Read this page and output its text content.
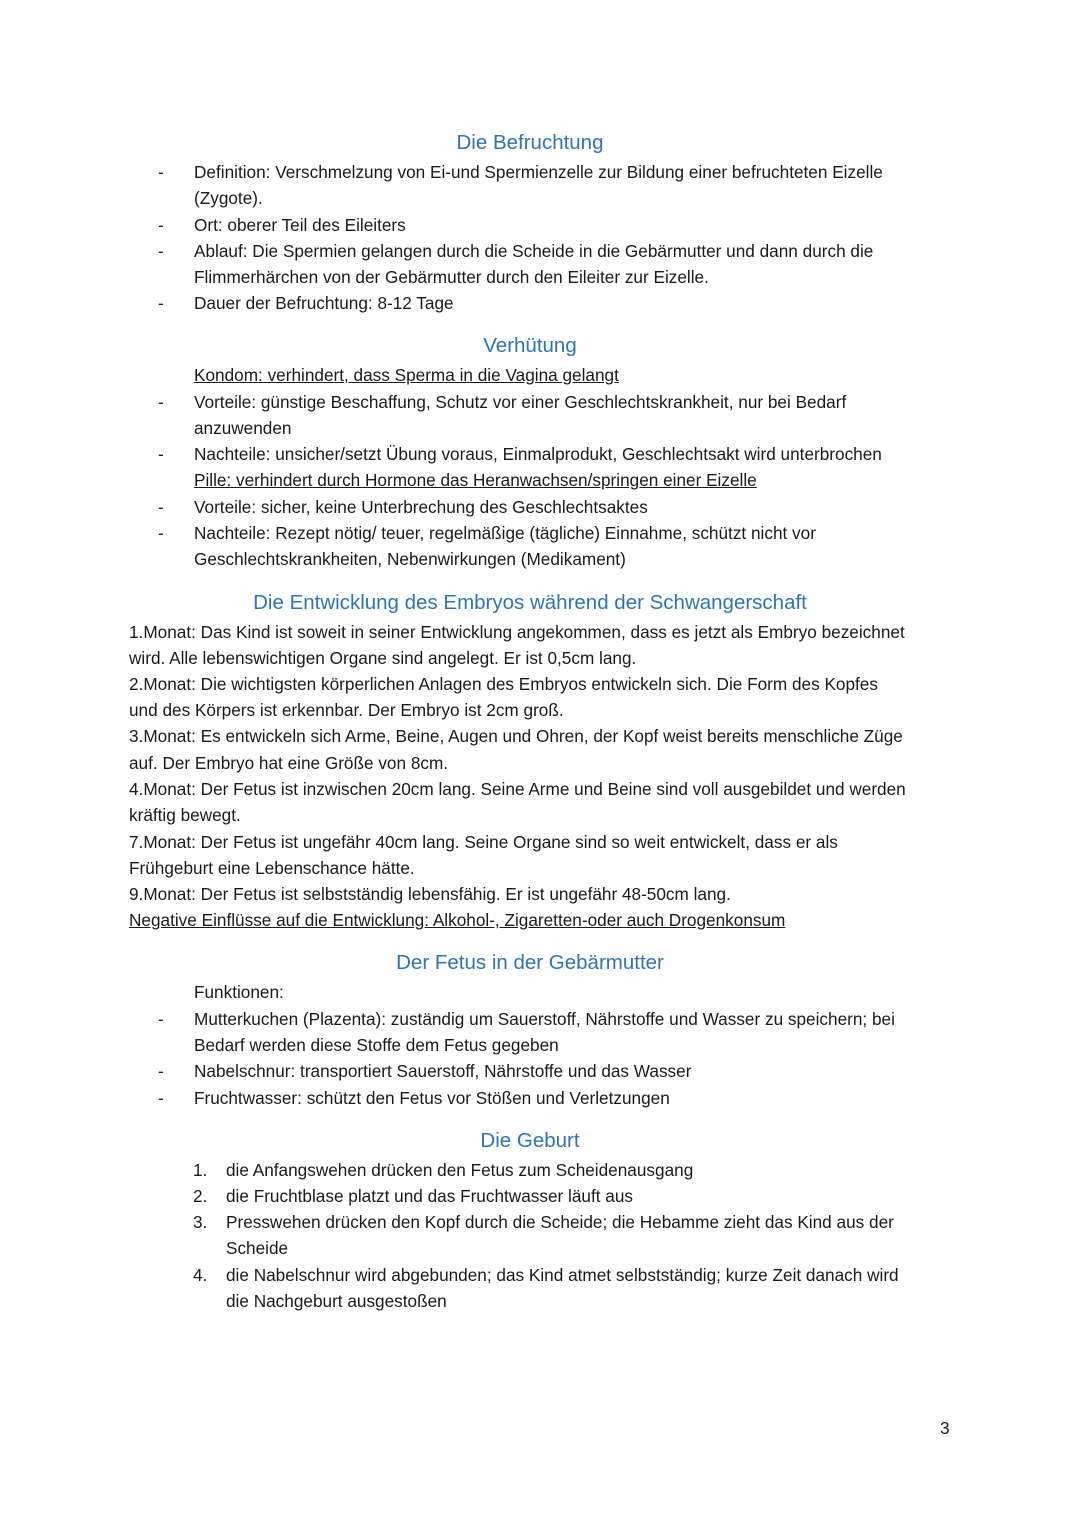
Die Befruchtung
- Definition: Verschmelzung von Ei-und Spermienzelle zur Bildung einer befruchteten Eizelle
(Zygote).
- Ort: oberer Teil des Eileiters
- Ablauf: Die Spermien gelangen durch die Scheide in die Gebärmutter und dann durch die
Flimmerhärchen von der Gebärmutter durch den Eileiter zur Eizelle.
- Dauer der Befruchtung: 8-12 Tage
Verhütung
Kondom: verhindert, dass Sperma in die Vagina gelangt
- Vorteile: günstige Beschaffung, Schutz vor einer Geschlechtskrankheit, nur bei Bedarf
anzuwenden
- Nachteile: unsicher/setzt Übung voraus, Einmalprodukt, Geschlechtsakt wird unterbrochen
Pille: verhindert durch Hormone das Heranwachsen/springen einer Eizelle
- Vorteile: sicher, keine Unterbrechung des Geschlechtsaktes
- Nachteile: Rezept nötig/ teuer, regelmäßige (tägliche) Einnahme, schützt nicht vor
Geschlechtskrankheiten, Nebenwirkungen (Medikament)
Die Entwicklung des Embryos während der Schwangerschaft
1.Monat: Das Kind ist soweit in seiner Entwicklung angekommen, dass es jetzt als Embryo bezeichnet
wird. Alle lebenswichtigen Organe sind angelegt. Er ist 0,5cm lang.
2.Monat: Die wichtigsten körperlichen Anlagen des Embryos entwickeln sich. Die Form des Kopfes
und des Körpers ist erkennbar. Der Embryo ist 2cm groß.
3.Monat: Es entwickeln sich Arme, Beine, Augen und Ohren, der Kopf weist bereits menschliche Züge
auf. Der Embryo hat eine Größe von 8cm.
4.Monat: Der Fetus ist inzwischen 20cm lang. Seine Arme und Beine sind voll ausgebildet und werden
kräftig bewegt.
7.Monat: Der Fetus ist ungefähr 40cm lang. Seine Organe sind so weit entwickelt, dass er als
Frühgeburt eine Lebenschance hätte.
9.Monat: Der Fetus ist selbstständig lebensfähig. Er ist ungefähr 48-50cm lang.
Negative Einflüsse auf die Entwicklung: Alkohol-, Zigaretten-oder auch Drogenkonsum
Der Fetus in der Gebärmutter
Funktionen:
- Mutterkuchen (Plazenta): zuständig um Sauerstoff, Nährstoffe und Wasser zu speichern; bei
Bedarf werden diese Stoffe dem Fetus gegeben
- Nabelschnur: transportiert Sauerstoff, Nährstoffe und das Wasser
- Fruchtwasser: schützt den Fetus vor Stößen und Verletzungen
Die Geburt
1. die Anfangswehen drücken den Fetus zum Scheidenausgang
2. die Fruchtblase platzt und das Fruchtwasser läuft aus
3. Presswehen drücken den Kopf durch die Scheide; die Hebamme zieht das Kind aus der
Scheide
4. die Nabelschnur wird abgebunden; das Kind atmet selbstständig; kurze Zeit danach wird
die Nachgeburt ausgestoßen
3
